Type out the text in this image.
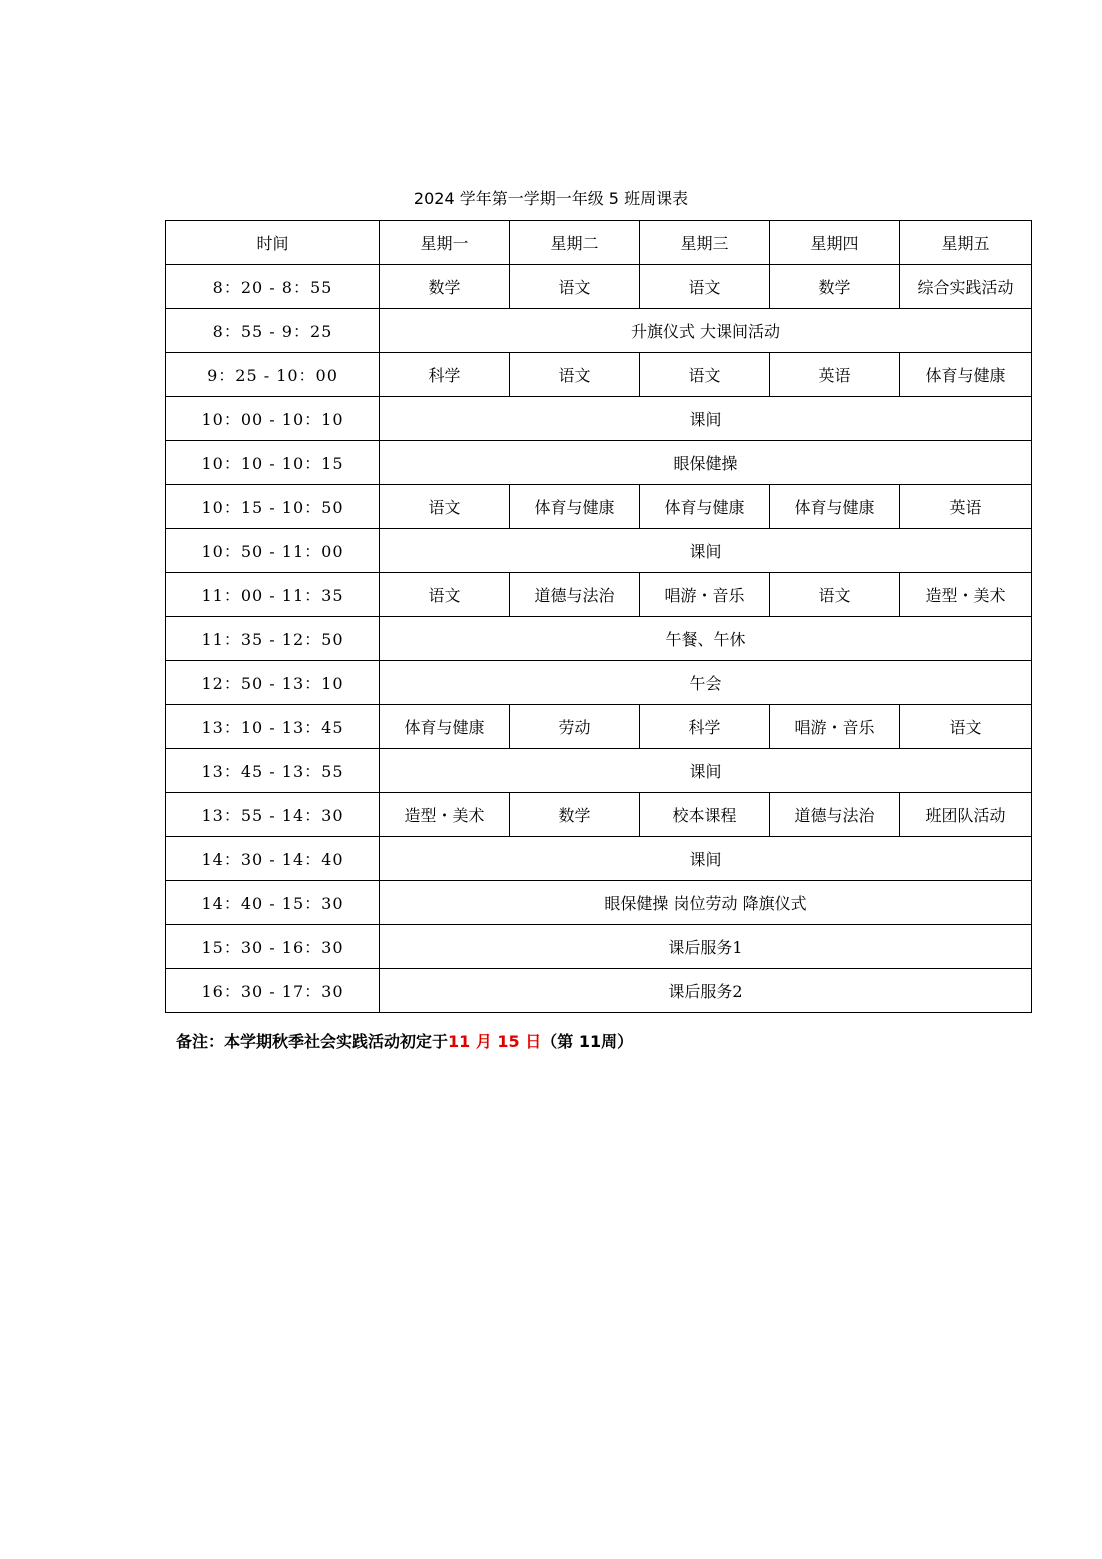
2024 学年第一学期一年级 5 班周课表
时间	星期一	星期二	星期三	星期四	星期五
8：20 - 8：55	数学	语文	语文	数学	综合实践活动
8：55 - 9：25	升旗仪式 大课间活动				
9：25 - 10：00	科学	语文	语文	英语	体育与健康
10：00 - 10：10	课间				
10：10 - 10：15	眼保健操				
10：15 - 10：50	语文	体育与健康	体育与健康	体育与健康	英语
10：50 - 11：00	课间				
11：00 - 11：35	语文	道德与法治	唱游・音乐	语文	造型・美术
11：35 - 12：50	午餐、午休				
12：50 - 13：10	午会				
13：10 - 13：45	体育与健康	劳动	科学	唱游・音乐	语文
13：45 - 13：55	课间				
13：55 - 14：30	造型・美术	数学	校本课程	道德与法治	班团队活动
14：30 - 14：40	课间				
14：40 - 15：30	眼保健操 岗位劳动 降旗仪式				
15：30 - 16：30	课后服务1				
16：30 - 17：30	课后服务2				
备注：本学期秋季社会实践活动初定于11 月 15 日（第 11周）
